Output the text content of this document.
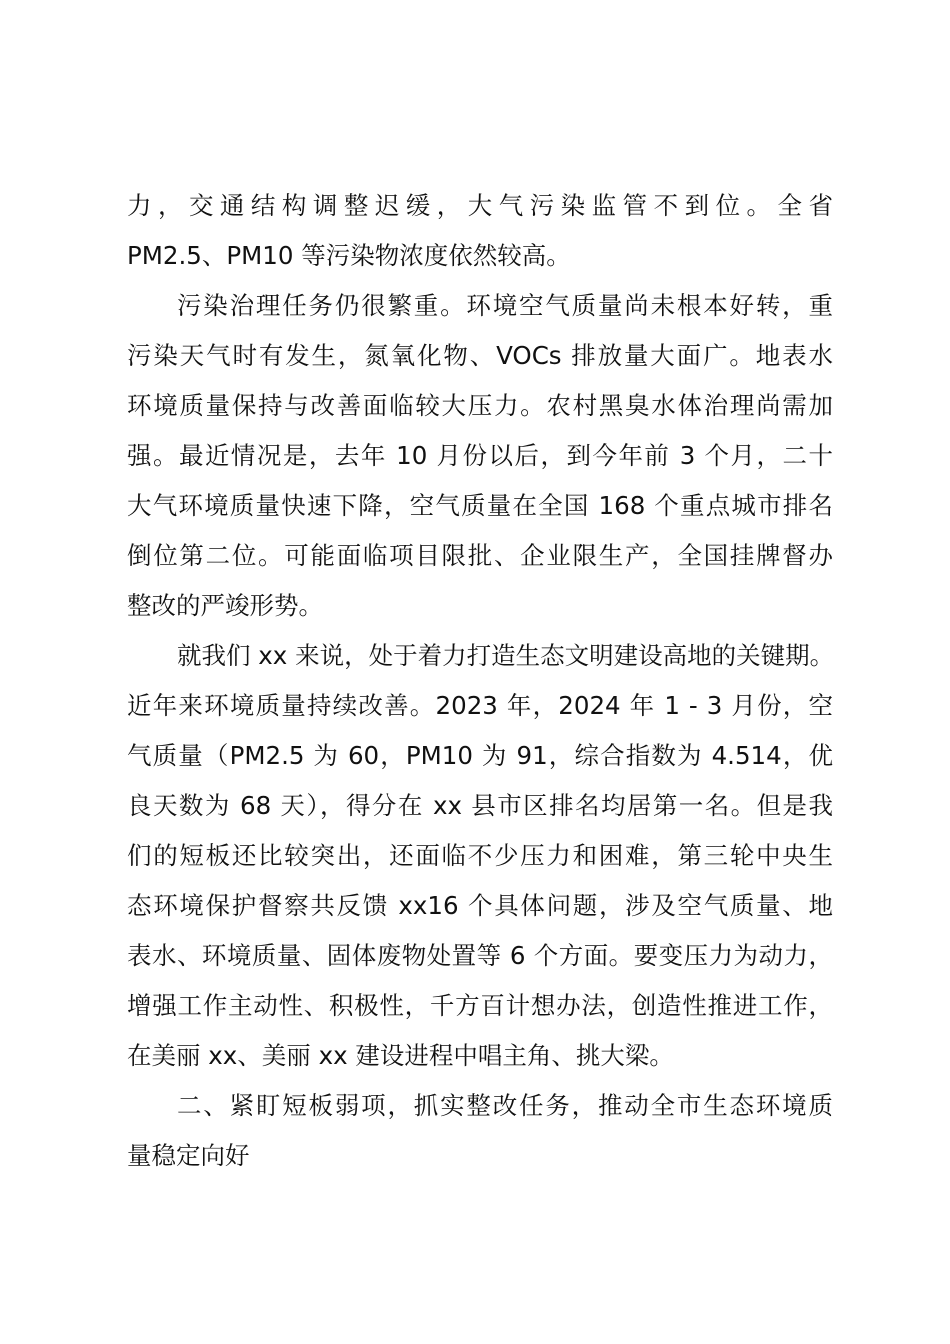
力，交通结构调整迟缓，大气污染监管不到位。全省
PM2.5、PM10 等污染物浓度依然较高。
污染治理任务仍很繁重。环境空气质量尚未根本好转，重
污染天气时有发生，氮氧化物、VOCs 排放量大面广。地表水
环境质量保持与改善面临较大压力。农村黑臭水体治理尚需加
强。最近情况是，去年 10 月份以后，到今年前 3 个月，二十
大气环境质量快速下降，空气质量在全国 168 个重点城市排名
倒位第二位。可能面临项目限批、企业限生产，全国挂牌督办
整改的严竣形势。
就我们 xx 来说，处于着力打造生态文明建设高地的关键期。
近年来环境质量持续改善。2023 年，2024 年 1 - 3 月份，空
气质量（PM2.5 为 60，PM10 为 91，综合指数为 4.514，优
良天数为 68 天），得分在 xx 县市区排名均居第一名。但是我
们的短板还比较突出，还面临不少压力和困难，第三轮中央生
态环境保护督察共反馈 xx16 个具体问题，涉及空气质量、地
表水、环境质量、固体废物处置等 6 个方面。要变压力为动力，
增强工作主动性、积极性，千方百计想办法，创造性推进工作，
在美丽 xx、美丽 xx 建设进程中唱主角、挑大梁。
二、紧盯短板弱项，抓实整改任务，推动全市生态环境质
量稳定向好
